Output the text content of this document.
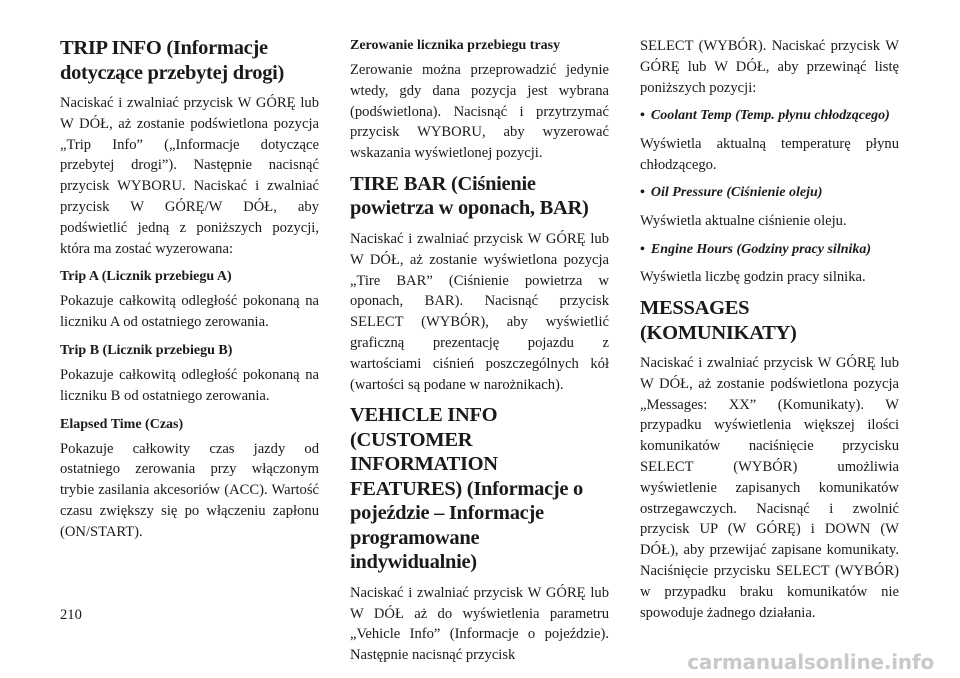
TRIP INFO (Informacje dotyczące przebytej drogi)

Naciskać i zwalniać przycisk W GÓRĘ lub W DÓŁ, aż zostanie podświetlona pozycja „Trip Info” („Informacje dotyczące przebytej drogi”). Następnie nacisnąć przycisk WYBORU. Naciskać i zwalniać przycisk W GÓRĘ/W DÓŁ, aby podświetlić jedną z poniższych pozycji, która ma zostać wyzerowana:

Trip A (Licznik przebiegu A)

Pokazuje całkowitą odległość pokonaną na liczniku A od ostatniego zerowania.

Trip B (Licznik przebiegu B)

Pokazuje całkowitą odległość pokonaną na liczniku B od ostatniego zerowania.

Elapsed Time (Czas)

Pokazuje całkowity czas jazdy od ostatniego zerowania przy włączonym trybie zasilania akcesoriów (ACC). Wartość czasu zwiększy się po włączeniu zapłonu (ON/START).

Zerowanie licznika przebiegu trasy

Zerowanie można przeprowadzić jedynie wtedy, gdy dana pozycja jest wybrana (podświetlona). Nacisnąć i przytrzymać przycisk WYBORU, aby wyzerować wskazania wyświetlonej pozycji.

TIRE BAR (Ciśnienie powietrza w oponach, BAR)

Naciskać i zwalniać przycisk W GÓRĘ lub W DÓŁ, aż zostanie wyświetlona pozycja „Tire BAR” (Ciśnienie powietrza w oponach, BAR). Nacisnąć przycisk SELECT (WYBÓR), aby wyświetlić graficzną prezentację pojazdu z wartościami ciśnień poszczególnych kół (wartości są podane w narożnikach).

VEHICLE INFO (CUSTOMER INFORMATION FEATURES) (Informacje o pojeździe – Informacje programowane indywidualnie)

Naciskać i zwalniać przycisk W GÓRĘ lub W DÓŁ aż do wyświetlenia parametru „Vehicle Info” (Informacje o pojeździe). Następnie nacisnąć przycisk

SELECT (WYBÓR). Naciskać przycisk W GÓRĘ lub W DÓŁ, aby przewinąć listę poniższych pozycji:

• Coolant Temp (Temp. płynu chłodzącego)

Wyświetla aktualną temperaturę płynu chłodzącego.

• Oil Pressure (Ciśnienie oleju)

Wyświetla aktualne ciśnienie oleju.

• Engine Hours (Godziny pracy silnika)

Wyświetla liczbę godzin pracy silnika.

MESSAGES (KOMUNIKATY)

Naciskać i zwalniać przycisk W GÓRĘ lub W DÓŁ, aż zostanie podświetlona pozycja „Messages: XX” (Komunikaty). W przypadku wyświetlenia większej ilości komunikatów naciśnięcie przycisku SELECT (WYBÓR) umożliwia wyświetlenie zapisanych komunikatów ostrzegawczych. Nacisnąć i zwolnić przycisk UP (W GÓRĘ) i DOWN (W DÓŁ), aby przewijać zapisane komunikaty. Naciśnięcie przycisku SELECT (WYBÓR) w przypadku braku komunikatów nie spowoduje żadnego działania.

210
carmanualsonline.info
